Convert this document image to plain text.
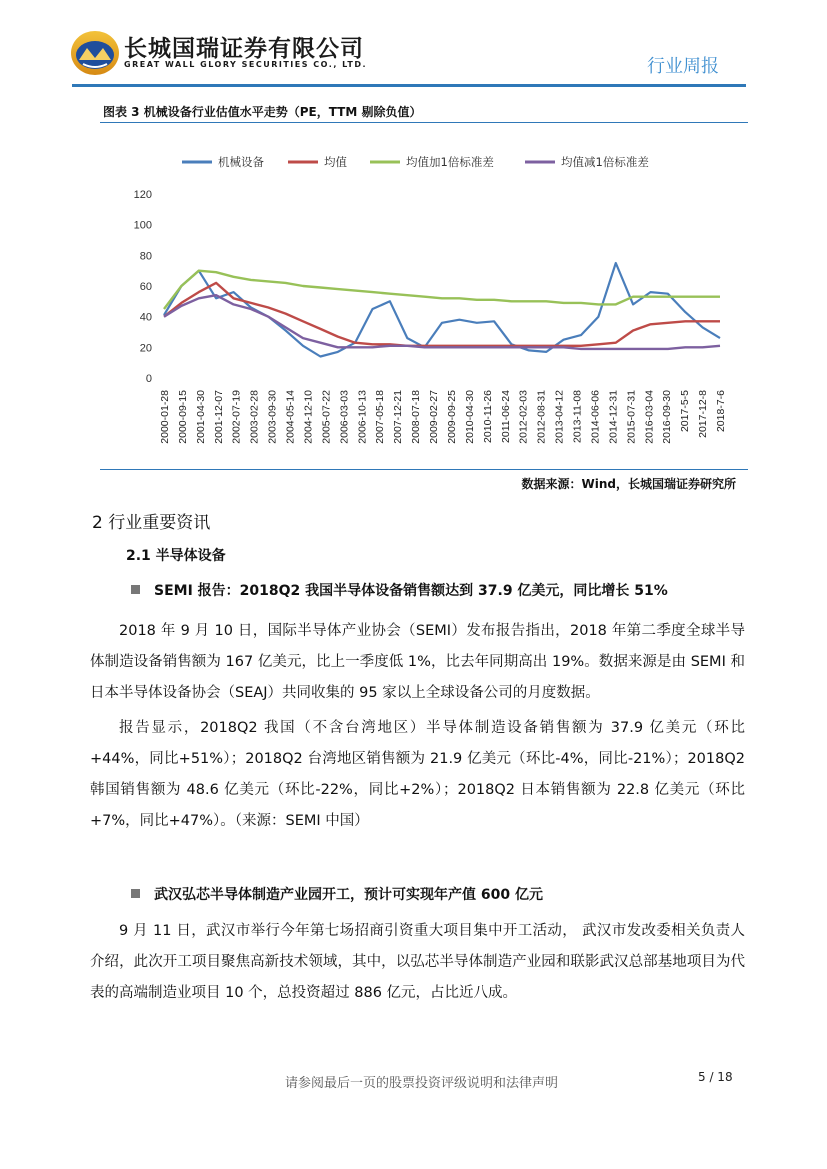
长城国瑞证券有限公司
GREAT WALL GLORY SECURITIES CO., LTD.	行业周报
图表 3 机械设备行业估值水平走势（PE，TTM 剔除负值）
机械设备	均值	均值加1倍标准差	均值减1倍标准差
0
20
40
60
80
100
120
2000-01-28 2000-09-15 2001-04-30 2001-12-07 2002-07-19 2003-02-28 2003-09-30 2004-05-14 2004-12-10 2005-07-22 2006-03-03 2006-10-13 2007-05-18 2007-12-21 2008-07-18 2009-02-27 2009-09-25 2010-04-30 2010-11-26 2011-06-24 2012-02-03 2012-08-31 2013-04-12 2013-11-08 2014-06-06 2014-12-31 2015-07-31 2016-03-04 2016-09-30 2017-5-5 2017-12-8 2018-7-6
数据来源：Wind，长城国瑞证券研究所
2 行业重要资讯
2.1 半导体设备
SEMI 报告：2018Q2 我国半导体设备销售额达到 37.9 亿美元，同比增长 51%

2018 年 9 月 10 日，国际半导体产业协会（SEMI）发布报告指出，2018 年第二季度全球半导体制造设备销售额为 167 亿美元，比上一季度低 1%，比去年同期高出 19%。数据来源是由 SEMI 和日本半导体设备协会（SEAJ）共同收集的 95 家以上全球设备公司的月度数据。

报告显示，2018Q2 我国（不含台湾地区）半导体制造设备销售额为 37.9 亿美元（环比+44%，同比+51%）；2018Q2 台湾地区销售额为 21.9 亿美元（环比-4%，同比-21%）；2018Q2 韩国销售额为 48.6 亿美元（环比-22%，同比+2%）；2018Q2 日本销售额为 22.8 亿美元（环比+7%，同比+47%）。（来源：SEMI 中国）

武汉弘芯半导体制造产业园开工，预计可实现年产值 600 亿元

9 月 11 日，武汉市举行今年第七场招商引资重大项目集中开工活动， 武汉市发改委相关负责人介绍，此次开工项目聚焦高新技术领域，其中，以弘芯半导体制造产业园和联影武汉总部基地项目为代表的高端制造业项目 10 个，总投资超过 886 亿元，占比近八成。

请参阅最后一页的股票投资评级说明和法律声明	5 / 18
